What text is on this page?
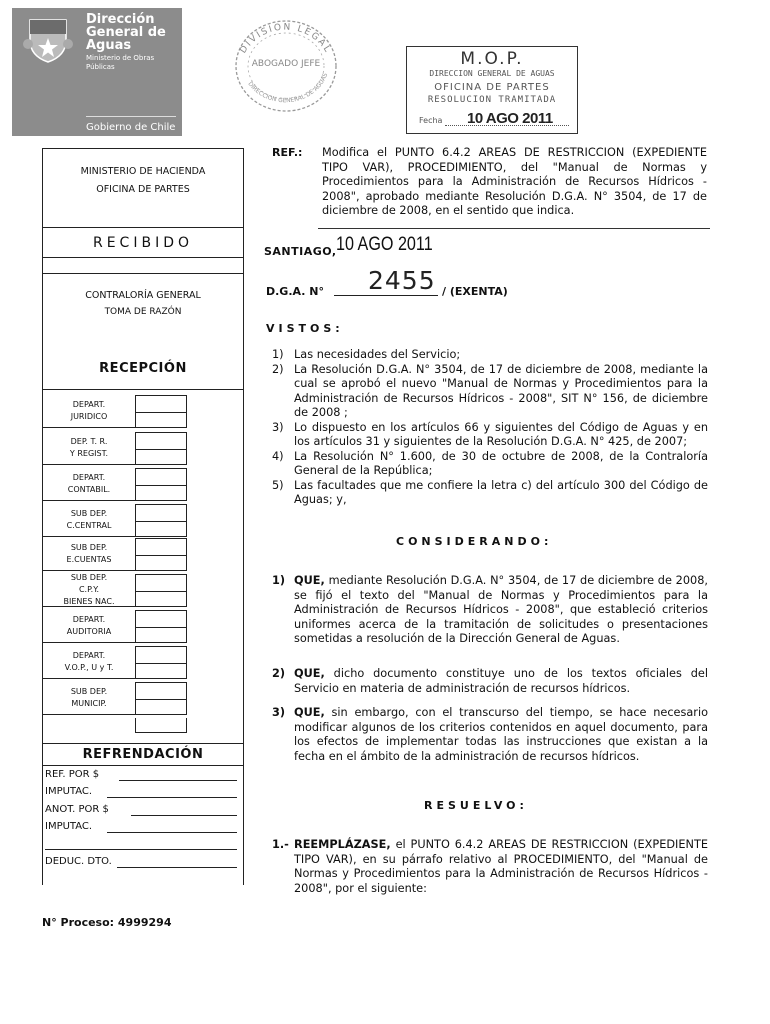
Dirección
General de
Aguas
Ministerio de Obras
Públicas
Gobierno de Chile
DIVISION LEGAL
DIRECCION GENERAL DE AGUAS
ABOGADO JEFE	M.O.P.
DIRECCION GENERAL DE AGUAS
OFICINA DE PARTES
RESOLUCION TRAMITADA
Fecha 10 AGO 2011
MINISTERIO DE HACIENDA
OFICINA DE PARTES
RECIBIDO
CONTRALORÍA GENERAL
TOMA DE RAZÓN
RECEPCIÓN
DEPART.
JURIDICO
DEP. T. R.
Y REGIST.
DEPART.
CONTABIL.
SUB DEP.
C.CENTRAL
SUB DEP.
E.CUENTAS
SUB DEP.
C.P.Y.
BIENES NAC.
DEPART.
AUDITORIA
DEPART.
V.O.P., U y T.
SUB DEP.
MUNICIP.
REFRENDACIÓN
REF. POR $
IMPUTAC.
ANOT. POR $
IMPUTAC.
DEDUC. DTO.
N° Proceso: 4999294
REF.: Modifica el PUNTO 6.4.2 AREAS DE RESTRICCION (EXPEDIENTE TIPO VAR), PROCEDIMIENTO, del "Manual de Normas y Procedimientos para la Administración de Recursos Hídricos - 2008", aprobado mediante Resolución D.G.A. N° 3504, de 17 de diciembre de 2008, en el sentido que indica.
SANTIAGO, 10 AGO 2011
D.G.A. N° 2455 / (EXENTA)
VISTOS:
1) Las necesidades del Servicio;
2) La Resolución D.G.A. N° 3504, de 17 de diciembre de 2008, mediante la cual se aprobó el nuevo "Manual de Normas y Procedimientos para la Administración de Recursos Hídricos - 2008", SIT N° 156, de diciembre de 2008 ;
3) Lo dispuesto en los artículos 66 y siguientes del Código de Aguas y en los artículos 31 y siguientes de la Resolución D.G.A. N° 425, de 2007;
4) La Resolución N° 1.600, de 30 de octubre de 2008, de la Contraloría General de la República;
5) Las facultades que me confiere la letra c) del artículo 300 del Código de Aguas; y,
CONSIDERANDO:
1) QUE, mediante Resolución D.G.A. N° 3504, de 17 de diciembre de 2008, se fijó el texto del "Manual de Normas y Procedimientos para la Administración de Recursos Hídricos - 2008", que estableció criterios uniformes acerca de la tramitación de solicitudes o presentaciones sometidas a resolución de la Dirección General de Aguas.
2) QUE, dicho documento constituye uno de los textos oficiales del Servicio en materia de administración de recursos hídricos.
3) QUE, sin embargo, con el transcurso del tiempo, se hace necesario modificar algunos de los criterios contenidos en aquel documento, para los efectos de implementar todas las instrucciones que existan a la fecha en el ámbito de la administración de recursos hídricos.
RESUELVO:
1.- REEMPLÁZASE, el PUNTO 6.4.2 AREAS DE RESTRICCION (EXPEDIENTE TIPO VAR), en su párrafo relativo al PROCEDIMIENTO, del "Manual de Normas y Procedimientos para la Administración de Recursos Hídricos - 2008", por el siguiente:
